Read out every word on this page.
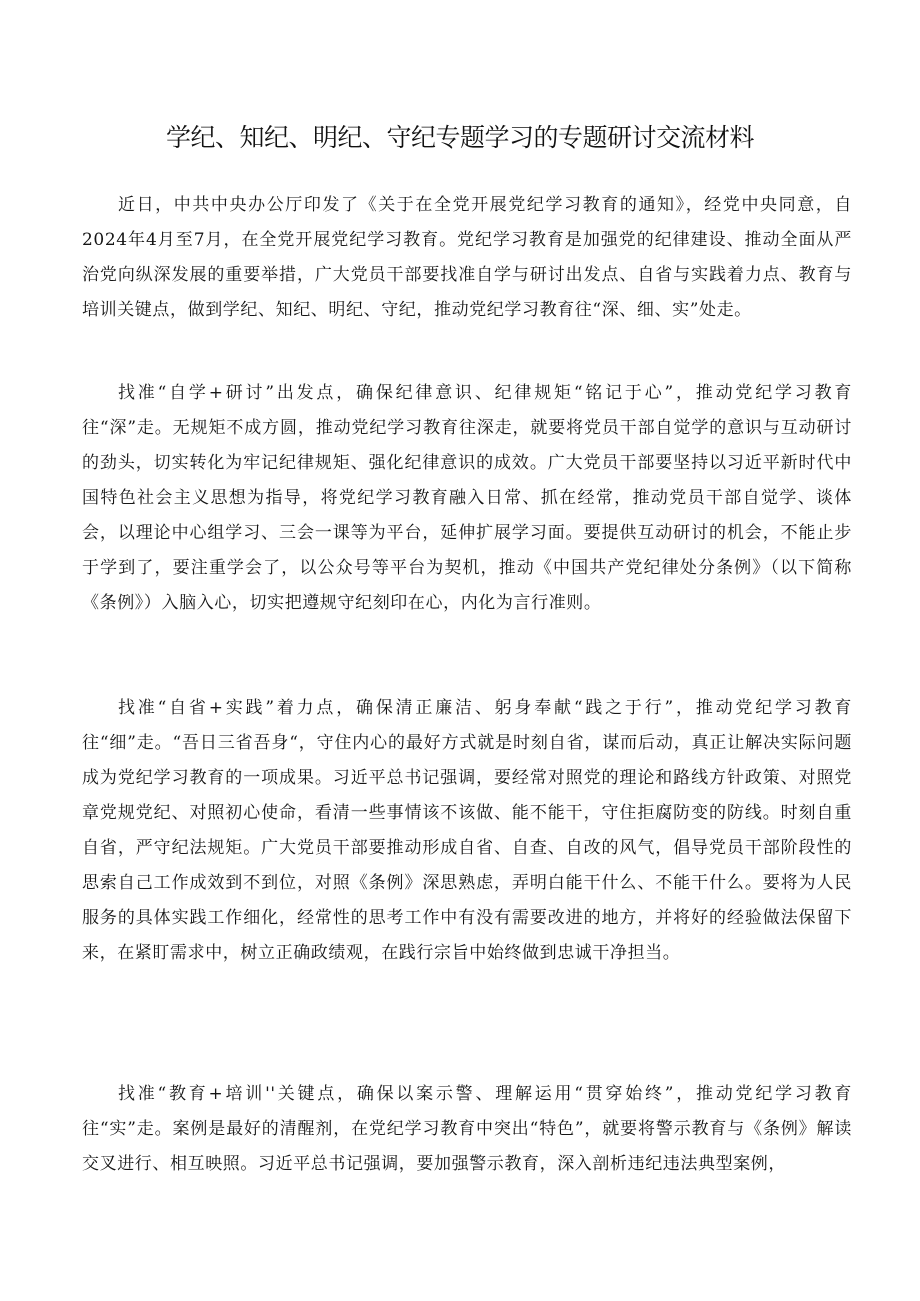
学纪、知纪、明纪、守纪专题学习的专题研讨交流材料

近日，中共中央办公厅印发了《关于在全党开展党纪学习教育的通知》，经党中央同意，自2024年4月至7月，在全党开展党纪学习教育。党纪学习教育是加强党的纪律建设、推动全面从严治党向纵深发展的重要举措，广大党员干部要找准自学与研讨出发点、自省与实践着力点、教育与培训关键点，做到学纪、知纪、明纪、守纪，推动党纪学习教育往“深、细、实”处走。

找准“自学+研讨”出发点，确保纪律意识、纪律规矩“铭记于心”，推动党纪学习教育往“深”走。无规矩不成方圆，推动党纪学习教育往深走，就要将党员干部自觉学的意识与互动研讨的劲头，切实转化为牢记纪律规矩、强化纪律意识的成效。广大党员干部要坚持以习近平新时代中国特色社会主义思想为指导，将党纪学习教育融入日常、抓在经常，推动党员干部自觉学、谈体会，以理论中心组学习、三会一课等为平台，延伸扩展学习面。要提供互动研讨的机会，不能止步于学到了，要注重学会了，以公众号等平台为契机，推动《中国共产党纪律处分条例》（以下简称《条例》）入脑入心，切实把遵规守纪刻印在心，内化为言行准则。

找准“自省+实践”着力点，确保清正廉洁、躬身奉献“践之于行”，推动党纪学习教育往“细”走。“吾日三省吾身“，守住内心的最好方式就是时刻自省，谋而后动，真正让解决实际问题成为党纪学习教育的一项成果。习近平总书记强调，要经常对照党的理论和路线方针政策、对照党章党规党纪、对照初心使命，看清一些事情该不该做、能不能干，守住拒腐防变的防线。时刻自重自省，严守纪法规矩。广大党员干部要推动形成自省、自查、自改的风气，倡导党员干部阶段性的思索自己工作成效到不到位，对照《条例》深思熟虑，弄明白能干什么、不能干什么。要将为人民服务的具体实践工作细化，经常性的思考工作中有没有需要改进的地方，并将好的经验做法保留下来，在紧盯需求中，树立正确政绩观，在践行宗旨中始终做到忠诚干净担当。

找准“教育+培训''关键点，确保以案示警、理解运用“贯穿始终”，推动党纪学习教育往“实”走。案例是最好的清醒剂，在党纪学习教育中突出“特色”，就要将警示教育与《条例》解读交叉进行、相互映照。习近平总书记强调，要加强警示教育，深入剖析违纪违法典型案例，
